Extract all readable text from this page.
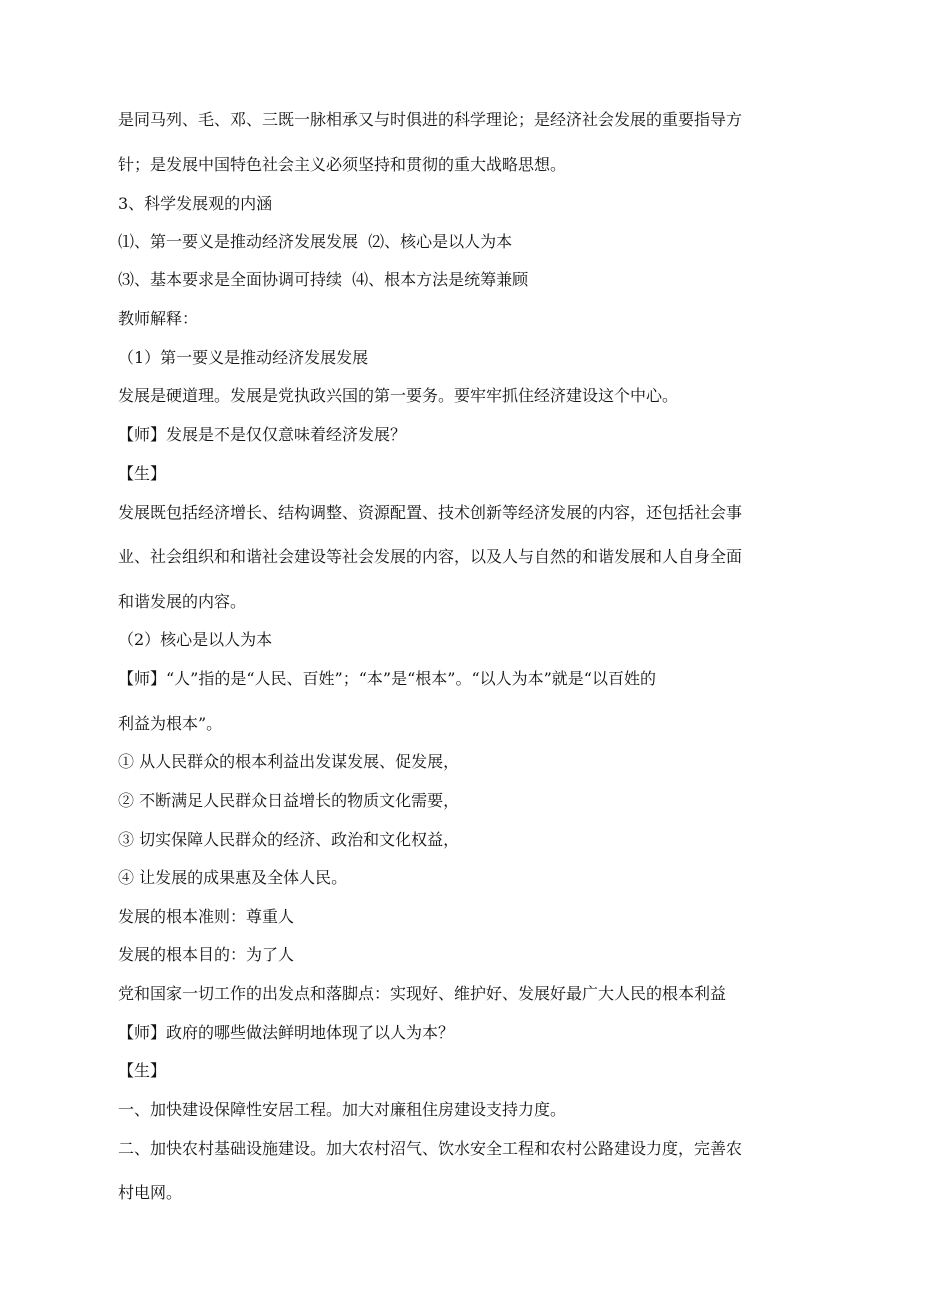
是同马列、毛、邓、三既一脉相承又与时俱进的科学理论；是经济社会发展的重要指导方
针；是发展中国特色社会主义必须坚持和贯彻的重大战略思想。
3、科学发展观的内涵
⑴、第一要义是推动经济发展发展  ⑵、核心是以人为本
⑶、基本要求是全面协调可持续  ⑷、根本方法是统筹兼顾
教师解释：
（1）第一要义是推动经济发展发展
发展是硬道理。发展是党执政兴国的第一要务。要牢牢抓住经济建设这个中心。
【师】发展是不是仅仅意味着经济发展？
【生】
发展既包括经济增长、结构调整、资源配置、技术创新等经济发展的内容，还包括社会事
业、社会组织和和谐社会建设等社会发展的内容，以及人与自然的和谐发展和人自身全面
和谐发展的内容。
（2）核心是以人为本
【师】“人”指的是“人民、百姓”；“本”是“根本”。“以人为本”就是“以百姓的
利益为根本”。
① 从人民群众的根本利益出发谋发展、促发展，
② 不断满足人民群众日益增长的物质文化需要，
③ 切实保障人民群众的经济、政治和文化权益，
④ 让发展的成果惠及全体人民。
发展的根本准则：尊重人
发展的根本目的：为了人
党和国家一切工作的出发点和落脚点：实现好、维护好、发展好最广大人民的根本利益
【师】政府的哪些做法鲜明地体现了以人为本？
【生】
一、加快建设保障性安居工程。加大对廉租住房建设支持力度。
二、加快农村基础设施建设。加大农村沼气、饮水安全工程和农村公路建设力度，完善农
村电网。
